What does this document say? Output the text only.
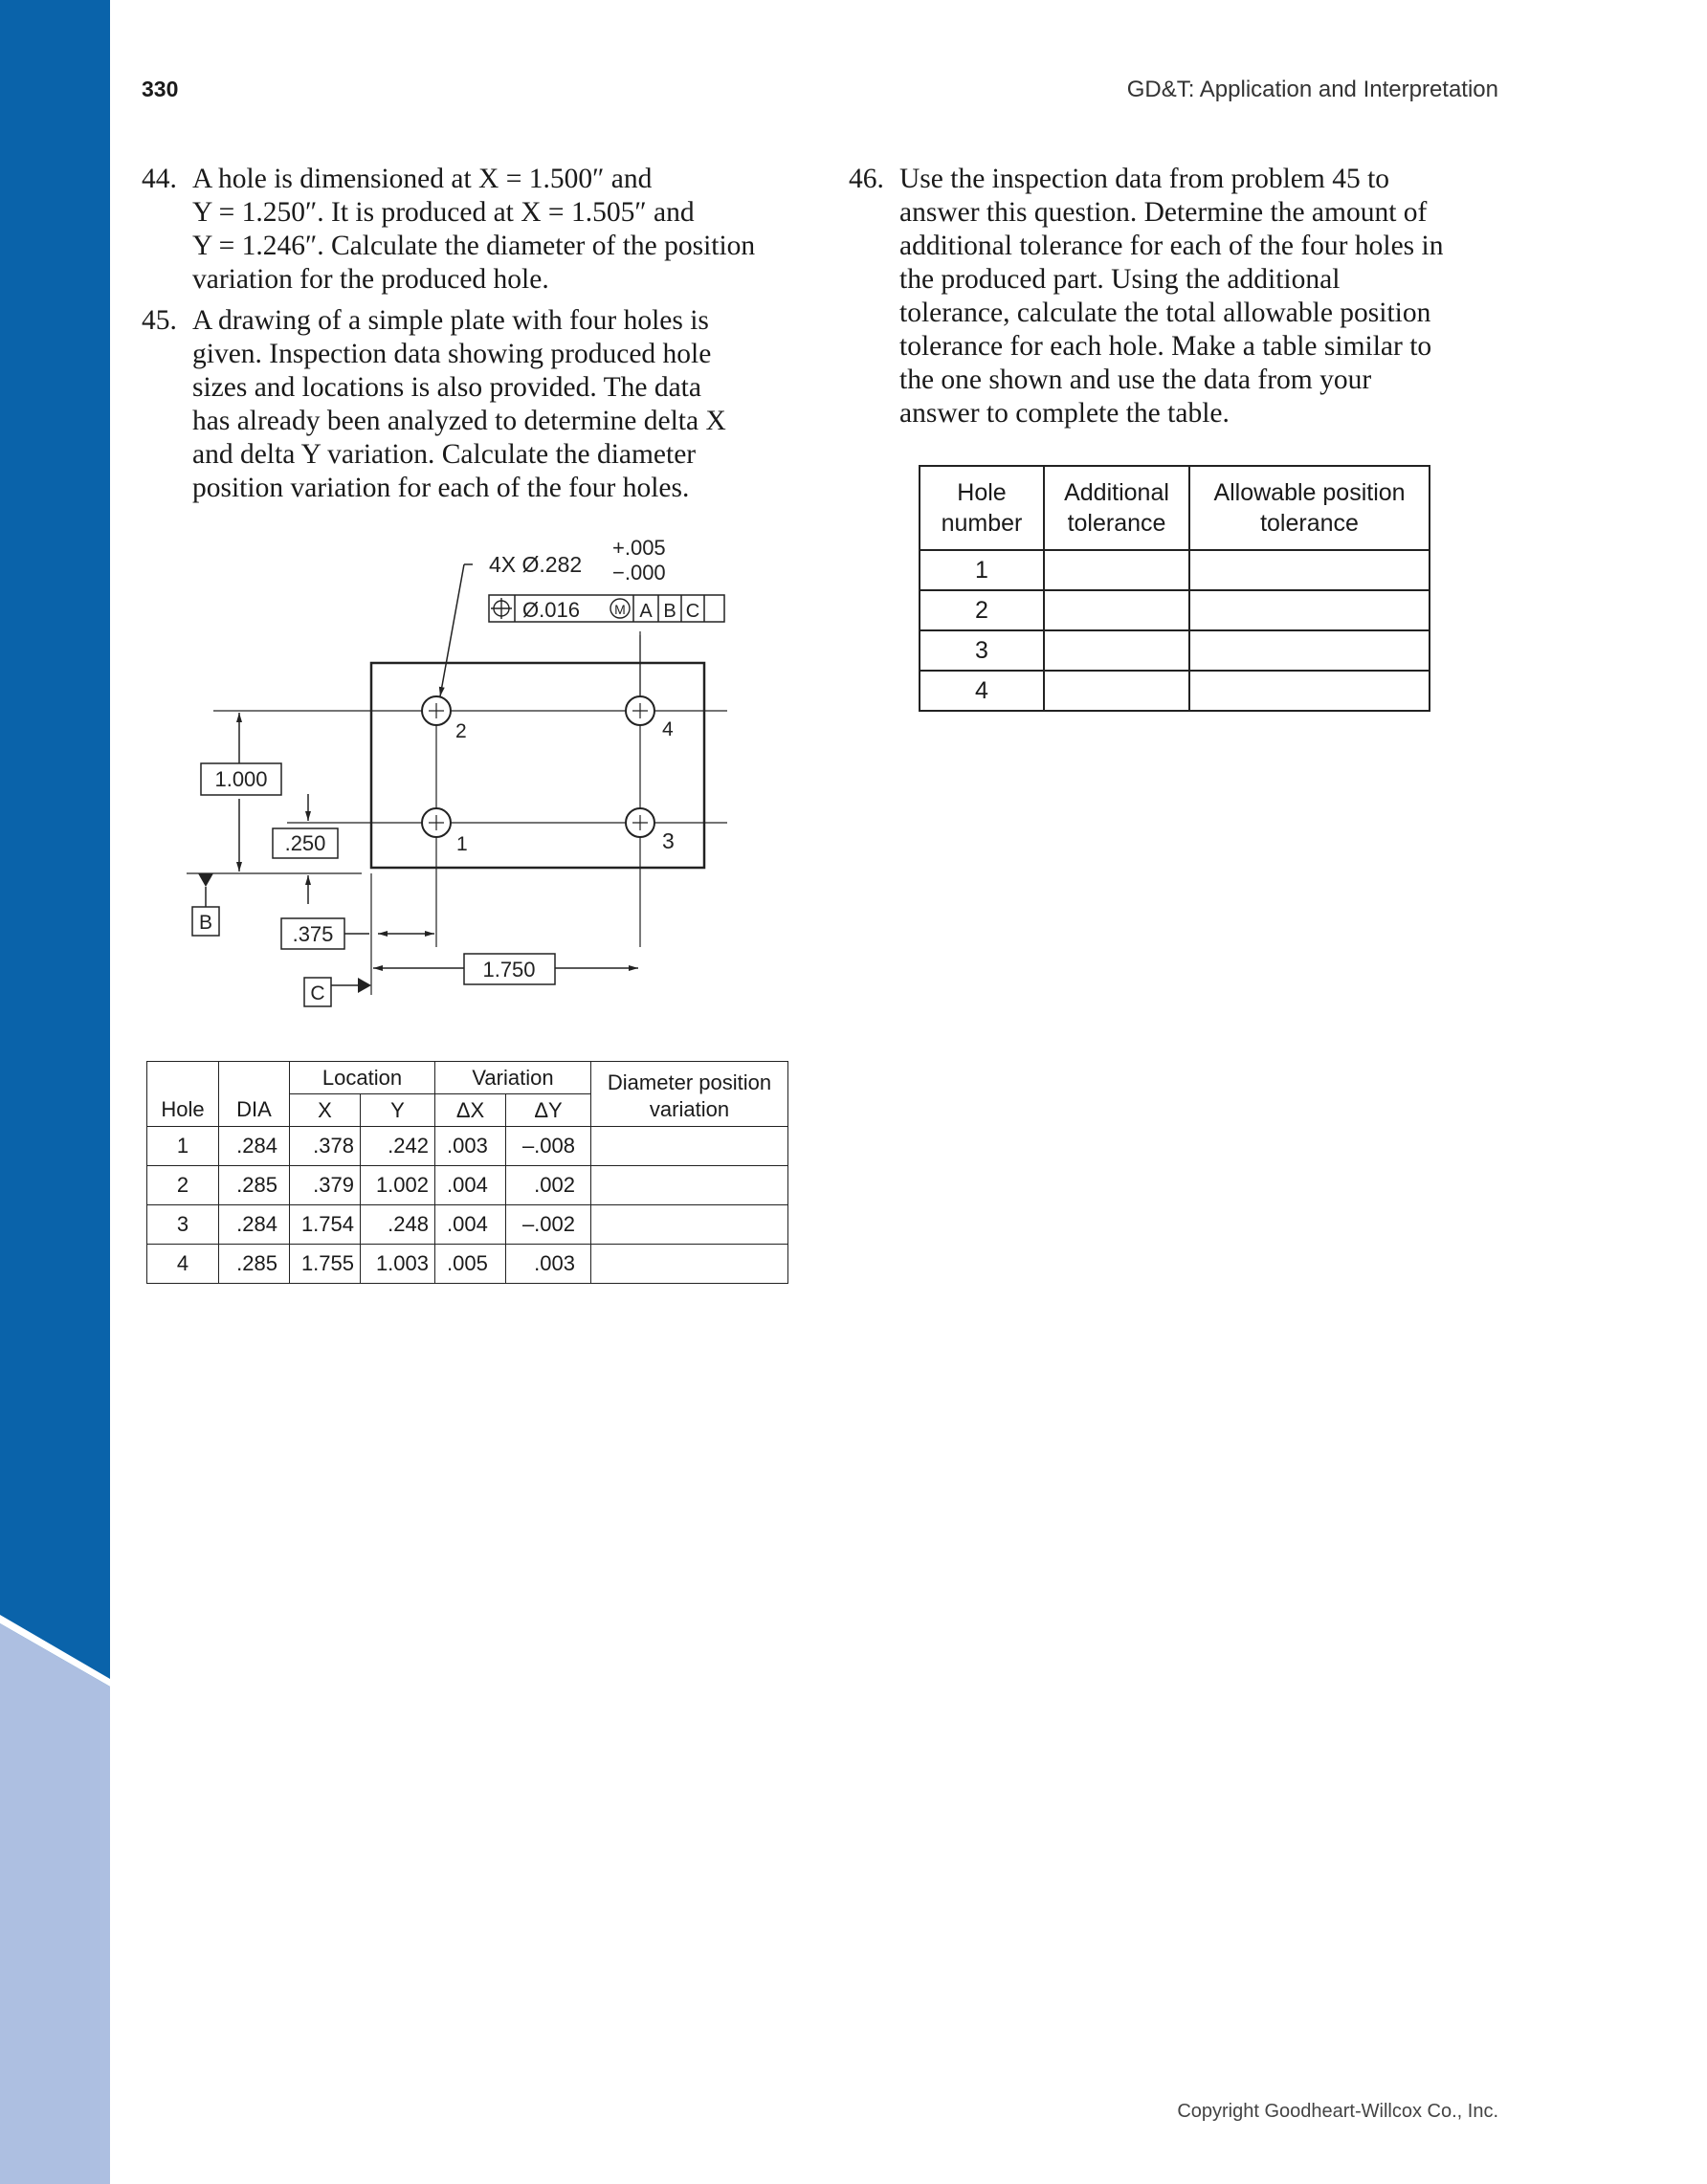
330	GD&T: Application and Interpretation
44. A hole is dimensioned at X = 1.500″ and
Y = 1.250″. It is produced at X = 1.505″ and
Y = 1.246″. Calculate the diameter of the position
variation for the produced hole.
45. A drawing of a simple plate with four holes is
given. Inspection data showing produced hole
sizes and locations is also provided. The data
has already been analyzed to determine delta X
and delta Y variation. Calculate the diameter
position variation for each of the four holes.
46. Use the inspection data from problem 45 to
answer this question. Determine the amount of
additional tolerance for each of the four holes in
the produced part. Using the additional
tolerance, calculate the total allowable position
tolerance for each hole. Make a table similar to
the one shown and use the data from your
answer to complete the table.
4X Ø.282
+.005
−.000
Ø.016	M A B C
2	4
1	3
1.000
.250
.375
1.750
B
C
Hole	DIA	Location		Variation		Diameter position variation
		X	Y	ΔX	ΔY	
1	.284	.378	.242	.003	–.008	
2	.285	.379	1.002	.004	.002	
3	.284	1.754	.248	.004	–.002	
4	.285	1.755	1.003	.005	.003	
Hole number	Additional tolerance	Allowable position tolerance
1		
2		
3		
4		
Copyright Goodheart-Willcox Co., Inc.
